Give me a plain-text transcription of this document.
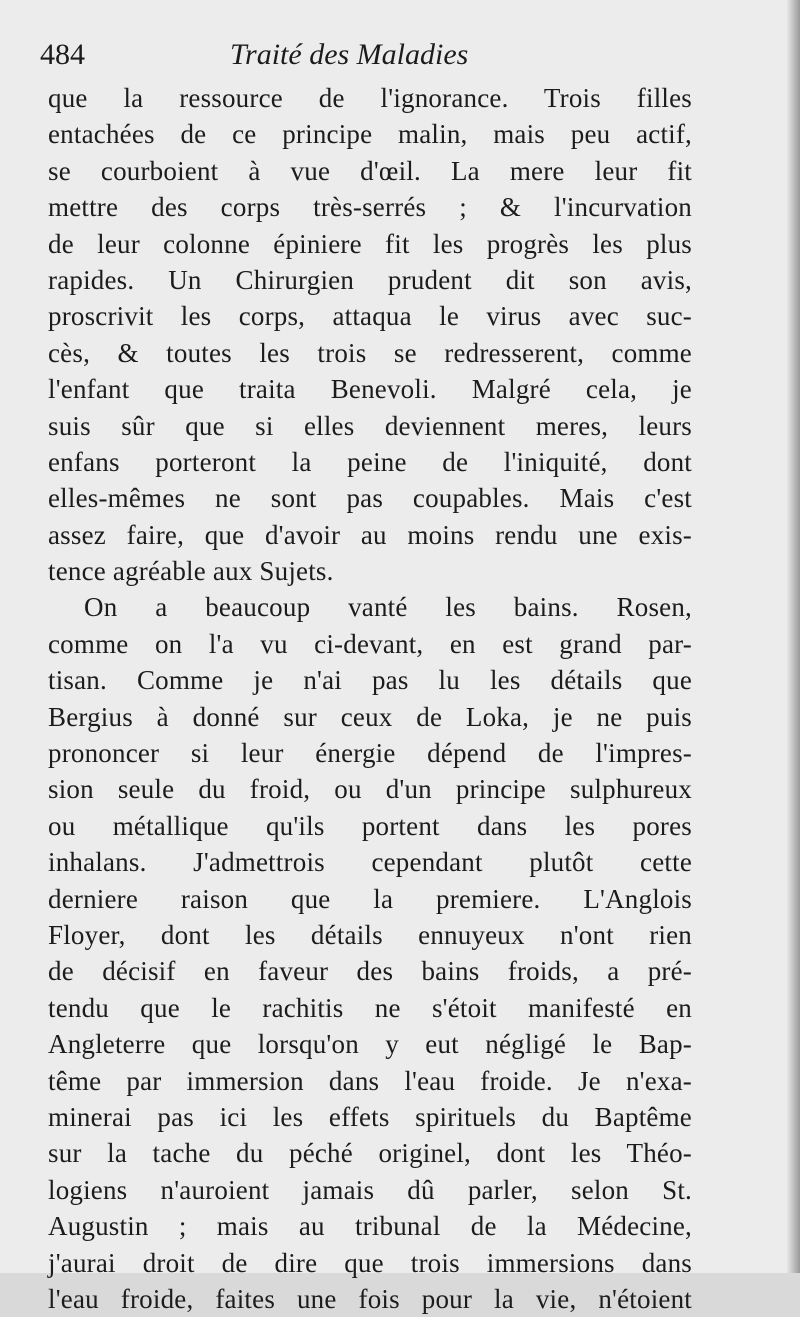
484	Traité des Maladies
que la ressource de l'ignorance. Trois filles
entachées de ce principe malin, mais peu actif,
se courboient à vue d'œil. La mere leur fit
mettre des corps très-serrés ; & l'incurvation
de leur colonne épiniere fit les progrès les plus
rapides. Un Chirurgien prudent dit son avis,
proscrivit les corps, attaqua le virus avec suc-
cès, & toutes les trois se redresserent, comme
l'enfant que traita Benevoli. Malgré cela, je
suis sûr que si elles deviennent meres, leurs
enfans porteront la peine de l'iniquité, dont
elles-mêmes ne sont pas coupables. Mais c'est
assez faire, que d'avoir au moins rendu une exis-
tence agréable aux Sujets.
On a beaucoup vanté les bains. Rosen,
comme on l'a vu ci-devant, en est grand par-
tisan. Comme je n'ai pas lu les détails que
Bergius à donné sur ceux de Loka, je ne puis
prononcer si leur énergie dépend de l'impres-
sion seule du froid, ou d'un principe sulphureux
ou métallique qu'ils portent dans les pores
inhalans. J'admettrois cependant plutôt cette
derniere raison que la premiere. L'Anglois
Floyer, dont les détails ennuyeux n'ont rien
de décisif en faveur des bains froids, a pré-
tendu que le rachitis ne s'étoit manifesté en
Angleterre que lorsqu'on y eut négligé le Bap-
tême par immersion dans l'eau froide. Je n'exa-
minerai pas ici les effets spirituels du Baptême
sur la tache du péché originel, dont les Théo-
logiens n'auroient jamais dû parler, selon St.
Augustin ; mais au tribunal de la Médecine,
j'aurai droit de dire que trois immersions dans
l'eau froide, faites une fois pour la vie, n'étoient
